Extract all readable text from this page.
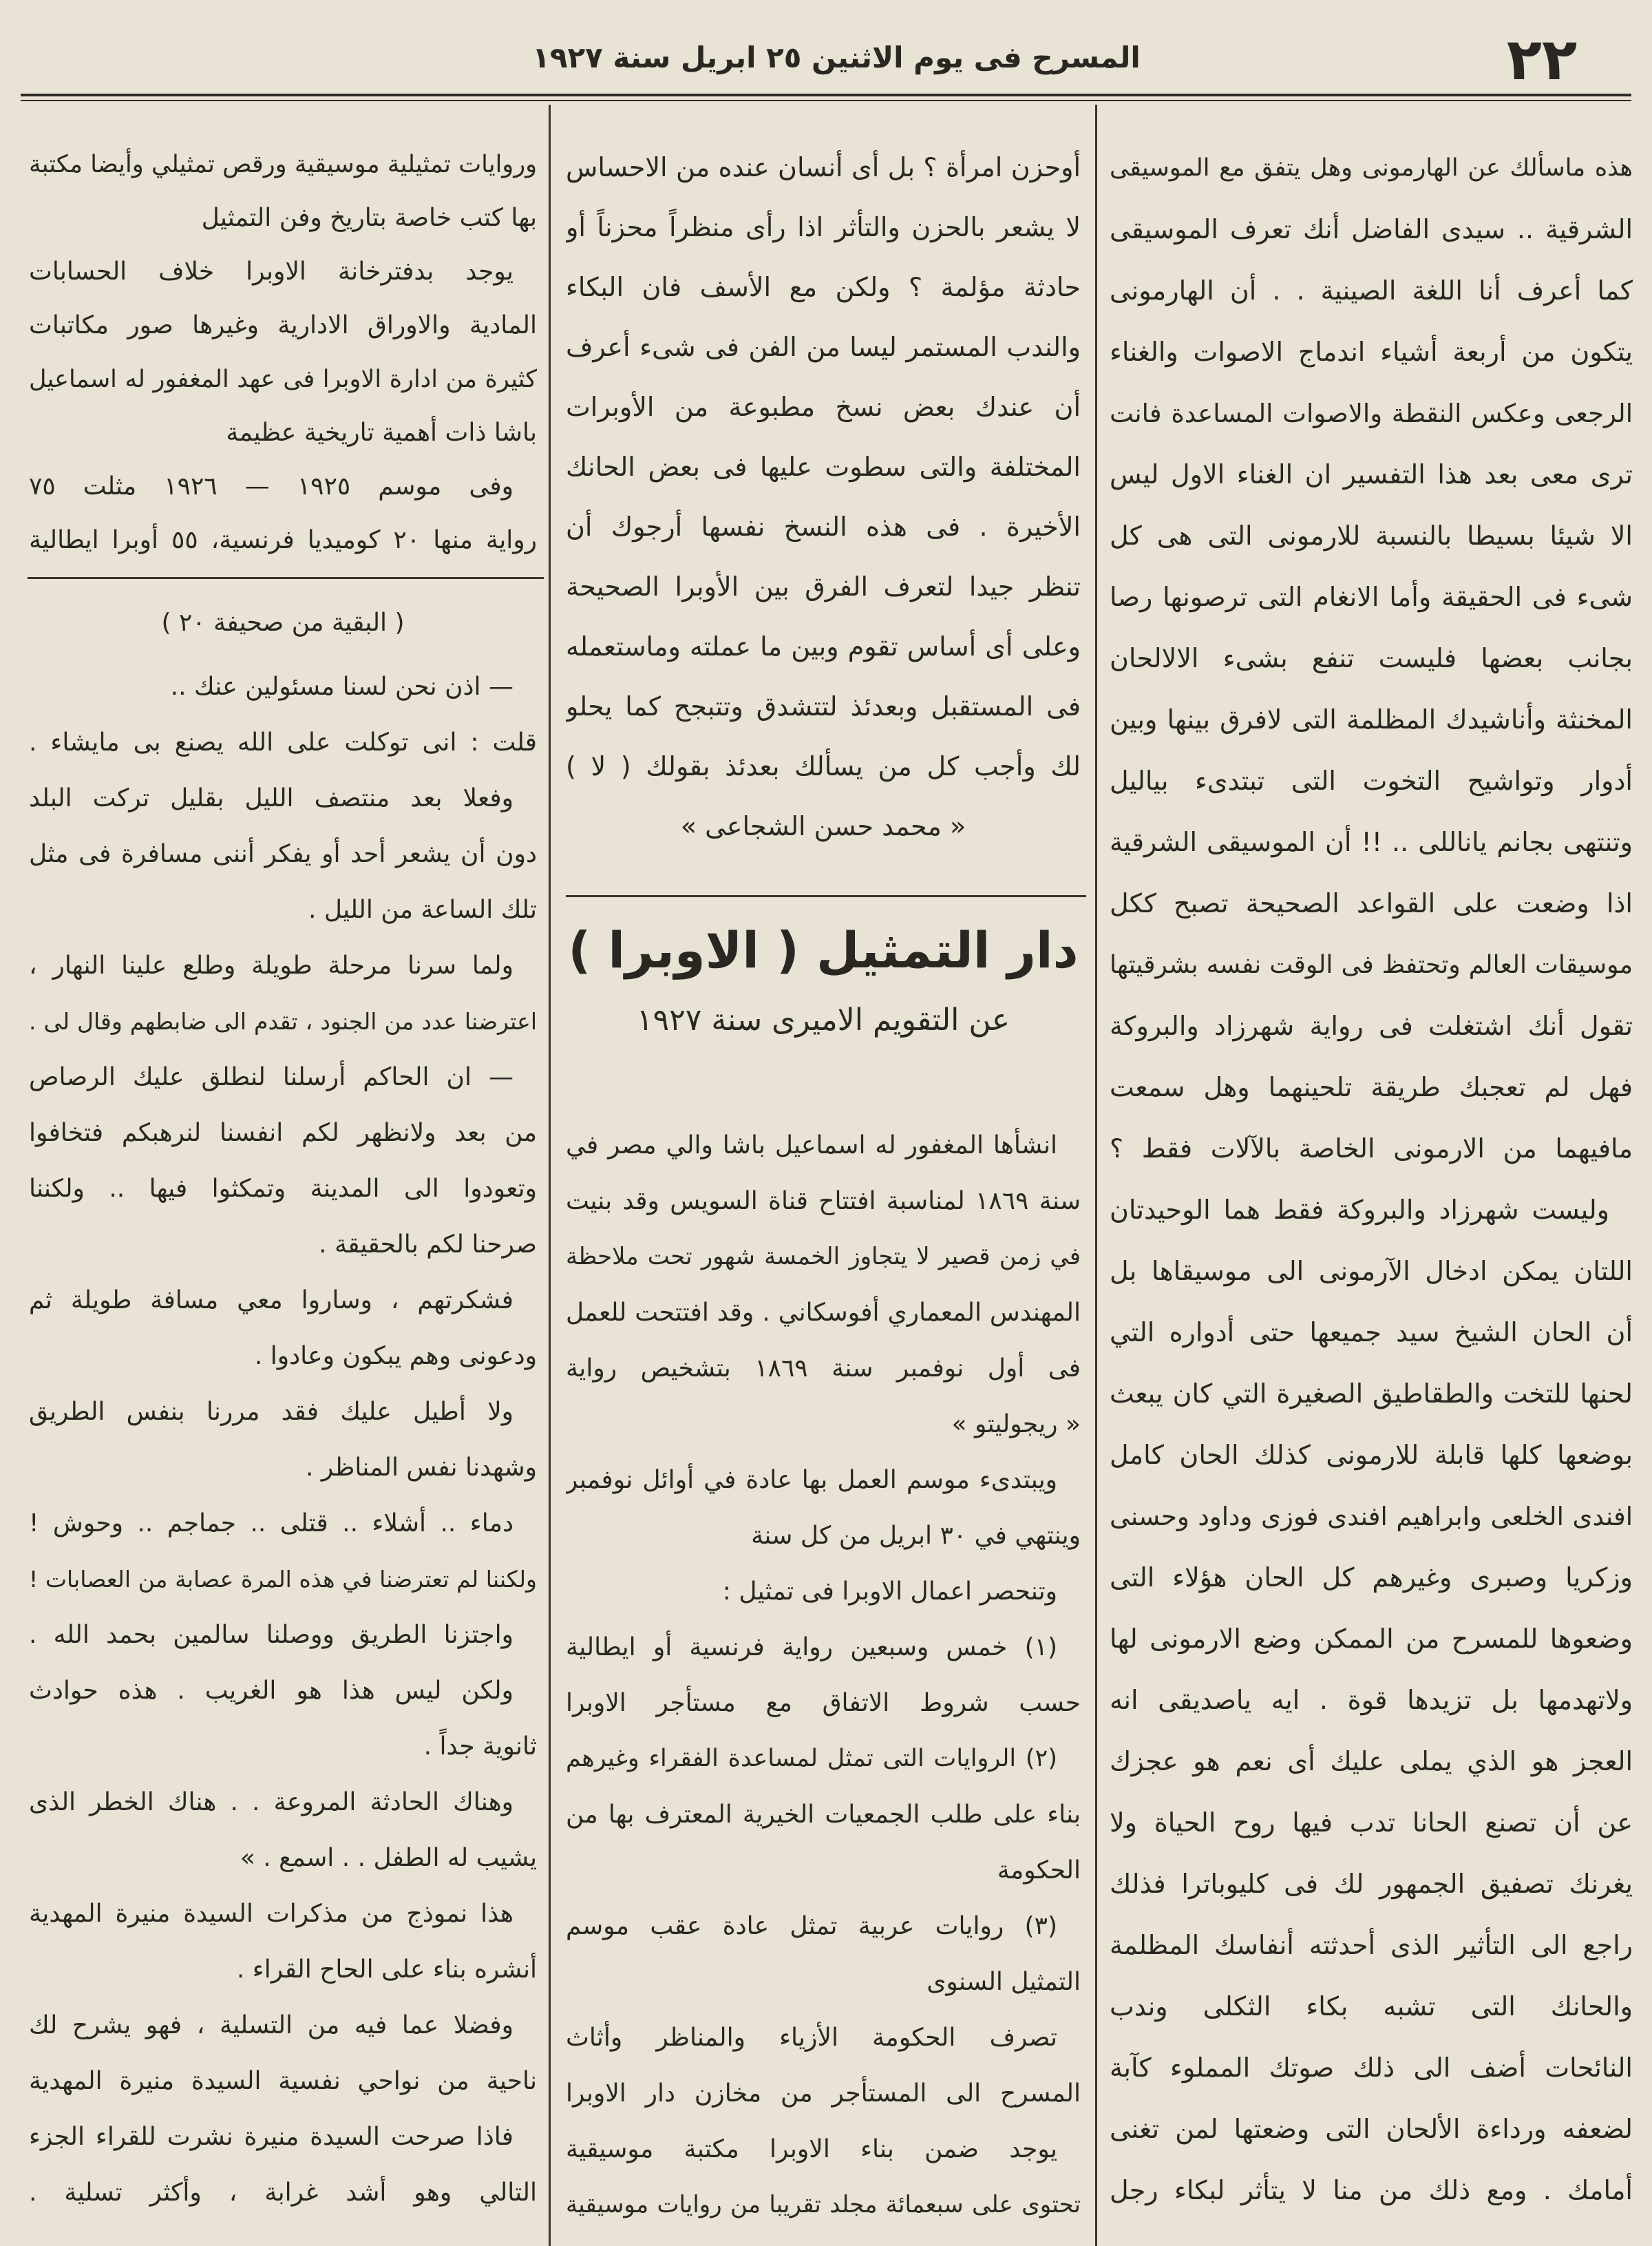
٢٢
المسرح فى يوم الاثنين ٢٥ ابريل سنة ١٩٢٧
هذه ماسألك عن الهارمونى وهل يتفق مع الموسيقى
الشرقية .. سيدى الفاضل أنك تعرف الموسيقى
كما أعرف أنا اللغة الصينية . . أن الهارمونى
يتكون من أربعة أشياء اندماج الاصوات والغناء
الرجعى وعكس النقطة والاصوات المساعدة فانت
ترى معى بعد هذا التفسير ان الغناء الاول ليس
الا شيئا بسيطا بالنسبة للارمونى التى هى كل
شىء فى الحقيقة وأما الانغام التى ترصونها رصا
بجانب بعضها فليست تنفع بشىء الالالحان
المخنثة وأناشيدك المظلمة التى لافرق بينها وبين
أدوار وتواشيح التخوت التى تبتدىء بياليل
وتنتهى بجانم ياناللى .. !! أن الموسيقى الشرقية
اذا وضعت على القواعد الصحيحة تصبح ككل
موسيقات العالم وتحتفظ فى الوقت نفسه بشرقيتها
تقول أنك اشتغلت فى رواية شهرزاد والبروكة
فهل لم تعجبك طريقة تلحينهما وهل سمعت
مافيهما من الارمونى الخاصة بالآلات فقط ؟
وليست شهرزاد والبروكة فقط هما الوحيدتان
اللتان يمكن ادخال الآرمونى الى موسيقاها بل
أن الحان الشيخ سيد جميعها حتى أدواره التي
لحنها للتخت والطقاطيق الصغيرة التي كان يبعث
بوضعها كلها قابلة للارمونى كذلك الحان كامل
افندى الخلعى وابراهيم افندى فوزى وداود وحسنى
وزكريا وصبرى وغيرهم كل الحان هؤلاء التى
وضعوها للمسرح من الممكن وضع الارمونى لها
ولاتهدمها بل تزيدها قوة . ايه ياصديقى انه
العجز هو الذي يملى عليك أى نعم هو عجزك
عن أن تصنع الحانا تدب فيها روح الحياة ولا
يغرنك تصفيق الجمهور لك فى كليوباترا فذلك
راجع الى التأثير الذى أحدثته أنفاسك المظلمة
والحانك التى تشبه بكاء الثكلى وندب
النائحات أضف الى ذلك صوتك المملوء كآبة
لضعفه ورداءة الألحان التى وضعتها لمن تغنى
أمامك . ومع ذلك من منا لا يتأثر لبكاء رجل
أوحزن امرأة ؟ بل أى أنسان عنده من الاحساس
لا يشعر بالحزن والتأثر اذا رأى منظراً محزناً أو
حادثة مؤلمة ؟ ولكن مع الأسف فان البكاء
والندب المستمر ليسا من الفن فى شىء أعرف
أن عندك بعض نسخ مطبوعة من الأوبرات
المختلفة والتى سطوت عليها فى بعض الحانك
الأخيرة . فى هذه النسخ نفسها أرجوك أن
تنظر جيدا لتعرف الفرق بين الأوبرا الصحيحة
وعلى أى أساس تقوم وبين ما عملته وماستعمله
فى المستقبل وبعدئذ لتتشدق وتتبجح كما يحلو
لك وأجب كل من يسألك بعدئذ بقولك ( لا )
« محمد حسن الشجاعى »
دار التمثيل ( الاوبرا )
عن التقويم الاميرى سنة ١٩٢٧
انشأها المغفور له اسماعيل باشا والي مصر في
سنة ١٨٦٩ لمناسبة افتتاح قناة السويس وقد بنيت
في زمن قصير لا يتجاوز الخمسة شهور تحت ملاحظة
المهندس المعماري أفوسكاني . وقد افتتحت للعمل
فى أول نوفمبر سنة ١٨٦٩ بتشخيص رواية
« ريجوليتو »
ويبتدىء موسم العمل بها عادة في أوائل نوفمبر
وينتهي في ٣٠ ابريل من كل سنة
وتنحصر اعمال الاوبرا فى تمثيل :
(١) خمس وسبعين رواية فرنسية أو ايطالية
حسب شروط الاتفاق مع مستأجر الاوبرا
(٢) الروايات التى تمثل لمساعدة الفقراء وغيرهم
بناء على طلب الجمعيات الخيرية المعترف بها من
الحكومة
(٣) روايات عربية تمثل عادة عقب موسم
التمثيل السنوى
تصرف الحكومة الأزياء والمناظر وأثاث
المسرح الى المستأجر من مخازن دار الاوبرا
يوجد ضمن بناء الاوبرا مكتبة موسيقية
تحتوى على سبعمائة مجلد تقريبا من روايات موسيقية
وروايات تمثيلية موسيقية ورقص تمثيلي وأيضا مكتبة
بها كتب خاصة بتاريخ وفن التمثيل
يوجد بدفترخانة الاوبرا خلاف الحسابات
المادية والاوراق الادارية وغيرها صور مكاتبات
كثيرة من ادارة الاوبرا فى عهد المغفور له اسماعيل
باشا ذات أهمية تاريخية عظيمة
وفى موسم ١٩٢٥ — ١٩٢٦ مثلت ٧٥
رواية منها ٢٠ كوميديا فرنسية، ٥٥ أوبرا ايطالية
( البقية من صحيفة ٢٠ )
— اذن نحن لسنا مسئولين عنك ..
قلت : انى توكلت على الله يصنع بى مايشاء .
وفعلا بعد منتصف الليل بقليل تركت البلد
دون أن يشعر أحد أو يفكر أننى مسافرة فى مثل
تلك الساعة من الليل .
ولما سرنا مرحلة طويلة وطلع علينا النهار ،
اعترضنا عدد من الجنود ، تقدم الى ضابطهم وقال لى .
— ان الحاكم أرسلنا لنطلق عليك الرصاص
من بعد ولانظهر لكم انفسنا لنرهبكم فتخافوا
وتعودوا الى المدينة وتمكثوا فيها .. ولكننا
صرحنا لكم بالحقيقة .
فشكرتهم ، وساروا معي مسافة طويلة ثم
ودعونى وهم يبكون وعادوا .
ولا أطيل عليك فقد مررنا بنفس الطريق
وشهدنا نفس المناظر .
دماء .. أشلاء .. قتلى .. جماجم .. وحوش !
ولكننا لم تعترضنا في هذه المرة عصابة من العصابات !
واجتزنا الطريق ووصلنا سالمين بحمد الله .
ولكن ليس هذا هو الغريب . هذه حوادث
ثانوية جداً .
وهناك الحادثة المروعة . . هناك الخطر الذى
يشيب له الطفل . . اسمع . »
هذا نموذج من مذكرات السيدة منيرة المهدية
أنشره بناء على الحاح القراء .
وفضلا عما فيه من التسلية ، فهو يشرح لك
ناحية من نواحي نفسية السيدة منيرة المهدية
فاذا صرحت السيدة منيرة نشرت للقراء الجزء
التالي وهو أشد غرابة ، وأكثر تسلية .
